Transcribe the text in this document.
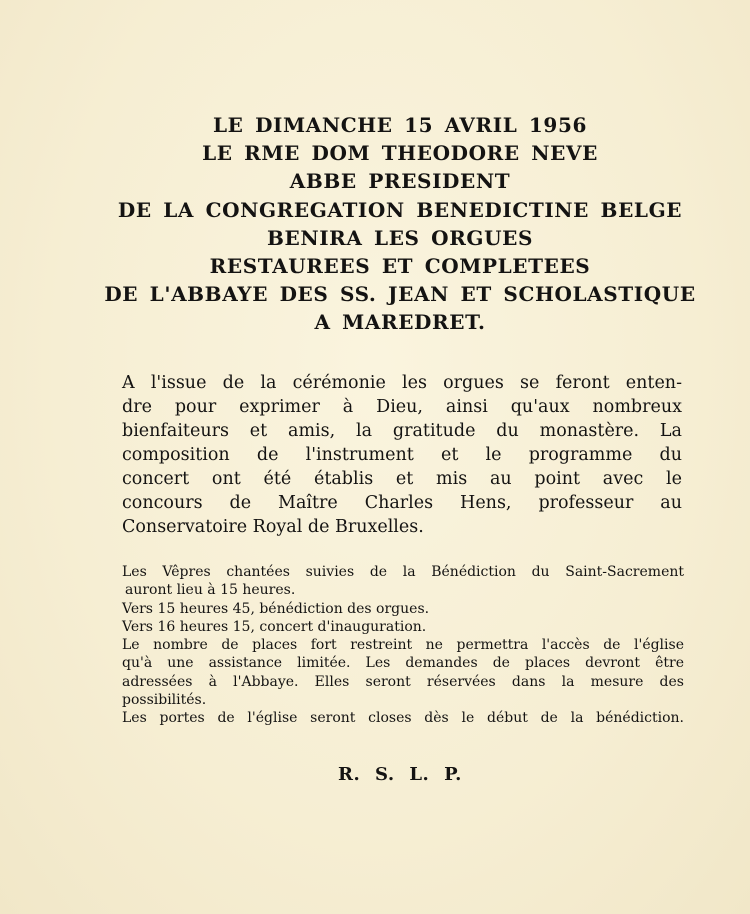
LE DIMANCHE 15 AVRIL 1956
LE RME DOM THEODORE NEVE
ABBE PRESIDENT
DE LA CONGREGATION BENEDICTINE BELGE
BENIRA LES ORGUES
RESTAUREES ET COMPLETEES
DE L'ABBAYE DES SS. JEAN ET SCHOLASTIQUE
A MAREDRET.
A l'issue de la cérémonie les orgues se feront enten-
dre pour exprimer à Dieu, ainsi qu'aux nombreux
bienfaiteurs et amis, la gratitude du monastère. La
composition de l'instrument et le programme du
concert ont été établis et mis au point avec le
concours de Maître Charles Hens, professeur au
Conservatoire Royal de Bruxelles.
Les Vêpres chantées suivies de la Bénédiction du Saint-Sacrement
auront lieu à 15 heures.
Vers 15 heures 45, bénédiction des orgues.
Vers 16 heures 15, concert d'inauguration.
Le nombre de places fort restreint ne permettra l'accès de l'église
qu'à une assistance limitée. Les demandes de places devront être
adressées à l'Abbaye. Elles seront réservées dans la mesure des
possibilités.
Les portes de l'église seront closes dès le début de la bénédiction.
R. S. L. P.
